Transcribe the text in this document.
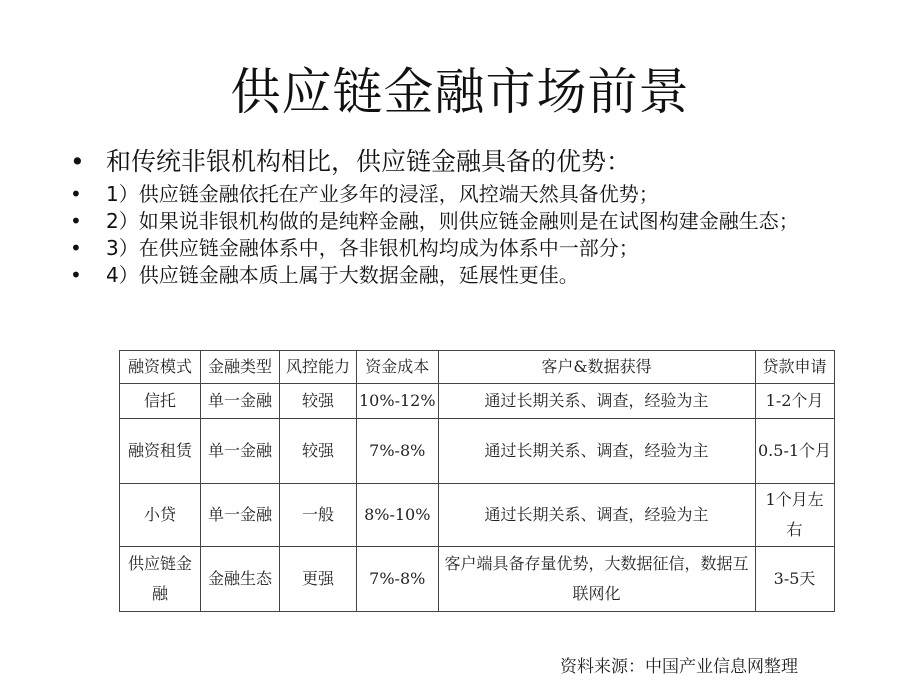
供应链金融市场前景
• 和传统非银机构相比，供应链金融具备的优势：
• 1）供应链金融依托在产业多年的浸淫，风控端天然具备优势；
• 2）如果说非银机构做的是纯粹金融，则供应链金融则是在试图构建金融生态；
• 3）在供应链金融体系中，各非银机构均成为体系中一部分；
• 4）供应链金融本质上属于大数据金融，延展性更佳。
融资模式	金融类型	风控能力	资金成本	客户&数据获得	贷款申请
信托	单一金融	较强	10%-12%	通过长期关系、调查，经验为主	1-2个月
融资租赁	单一金融	较强	7%-8%	通过长期关系、调查，经验为主	0.5-1个月
小贷	单一金融	一般	8%-10%	通过长期关系、调查，经验为主	1个月左右
供应链金融	金融生态	更强	7%-8%	客户端具备存量优势，大数据征信，数据互联网化	3-5天
资料来源：中国产业信息网整理
